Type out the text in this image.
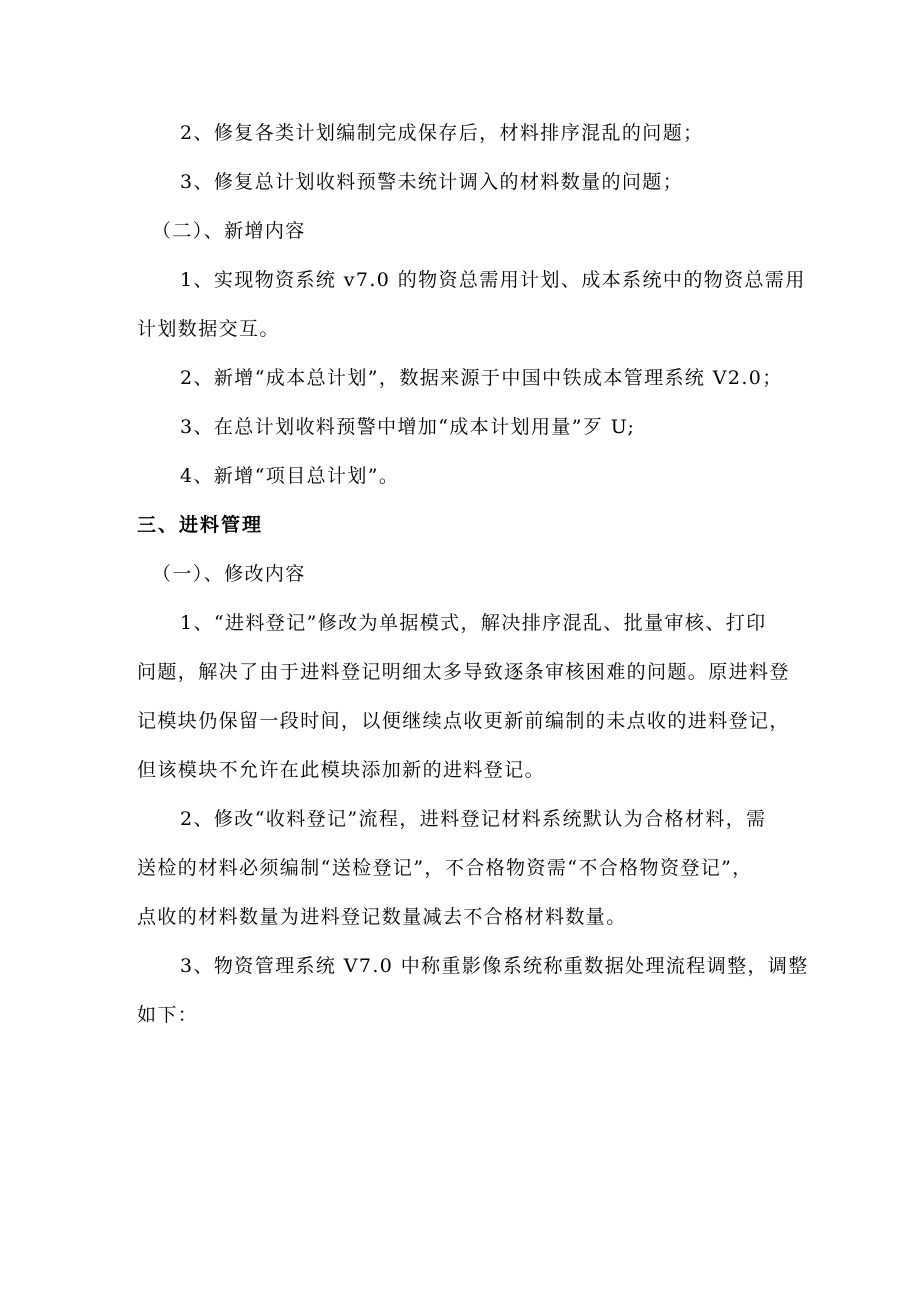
2、修复各类计划编制完成保存后，材料排序混乱的问题；
3、修复总计划收料预警未统计调入的材料数量的问题；
（二）、新增内容
1、实现物资系统 v7.0 的物资总需用计划、成本系统中的物资总需用
计划数据交互。
2、新增“成本总计划”，数据来源于中国中铁成本管理系统 V2.0；
3、在总计划收料预警中增加“成本计划用量”歹 U;
4、新增“项目总计划”。
三、进料管理
（一）、修改内容
1、“进料登记”修改为单据模式，解决排序混乱、批量审核、打印
问题，解决了由于进料登记明细太多导致逐条审核困难的问题。原进料登
记模块仍保留一段时间，以便继续点收更新前编制的未点收的进料登记，
但该模块不允许在此模块添加新的进料登记。
2、修改“收料登记”流程，进料登记材料系统默认为合格材料，需
送检的材料必须编制“送检登记”，不合格物资需“不合格物资登记”，
点收的材料数量为进料登记数量减去不合格材料数量。
3、物资管理系统 V7.0 中称重影像系统称重数据处理流程调整，调整
如下：
